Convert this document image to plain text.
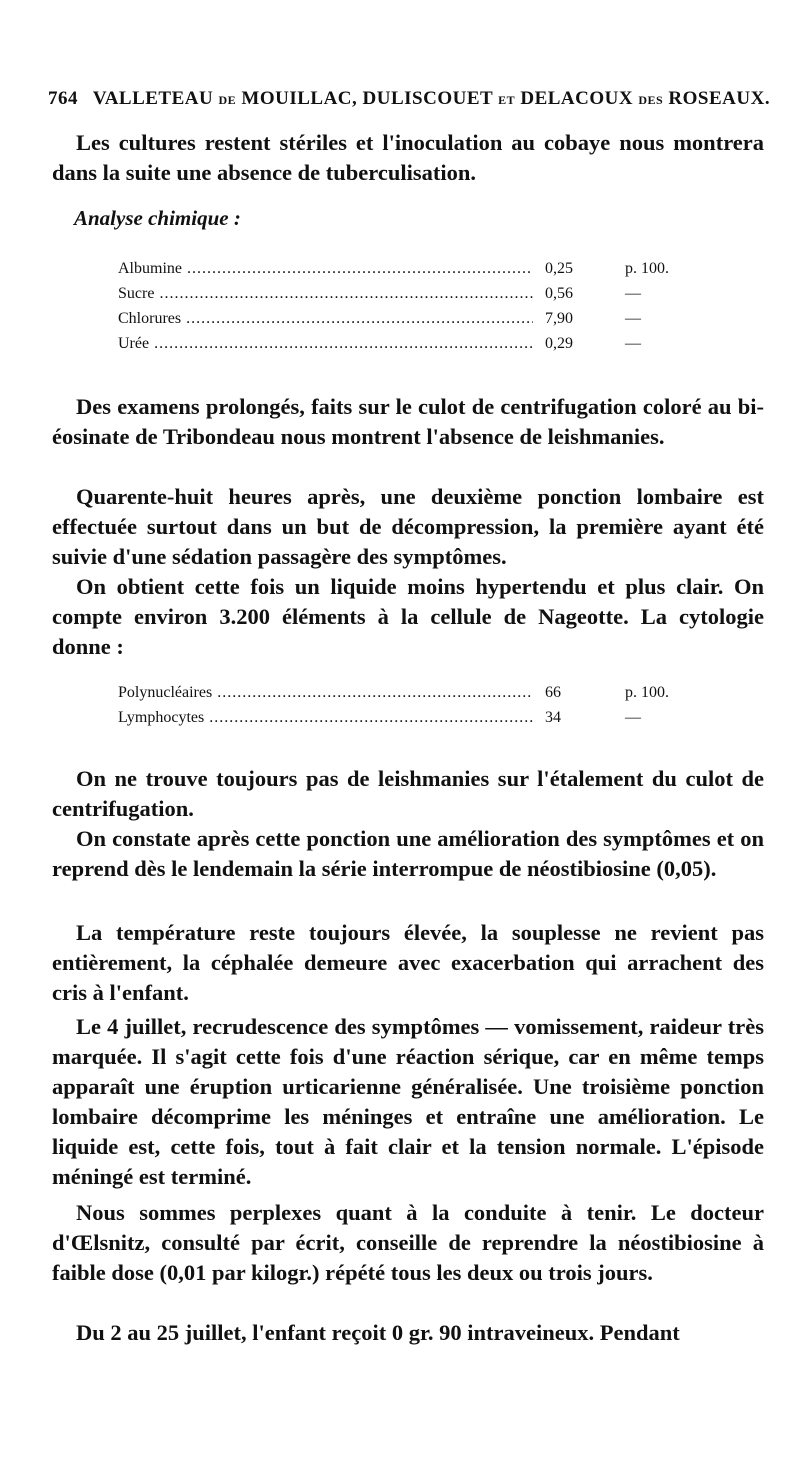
764 VALLETEAU DE MOUILLAC, DULISCOUET ET DELACOUX DES ROSEAUX.

Les cultures restent stériles et l'inoculation au cobaye nous montrera dans la suite une absence de tuberculisation.

Analyse chimique :

Albumine .....	0,25	p. 100.
Sucre .....	0,56	—
Chlorures .....	7,90	—
Urée .....	0,29	—

Des examens prolongés, faits sur le culot de centrifugation coloré au bi-éosinate de Tribondeau nous montrent l'absence de leishmanies.

Quarente-huit heures après, une deuxième ponction lombaire est effectuée surtout dans un but de décompression, la première ayant été suivie d'une sédation passagère des symptômes.

On obtient cette fois un liquide moins hypertendu et plus clair. On compte environ 3.200 éléments à la cellule de Nageotte. La cytologie donne :

Polynucléaires .....	66	p. 100.
Lymphocytes .....	34	—

On ne trouve toujours pas de leishmanies sur l'étalement du culot de centrifugation.

On constate après cette ponction une amélioration des symptômes et on reprend dès le lendemain la série interrompue de néostibiosine (0,05).

La température reste toujours élevée, la souplesse ne revient pas entièrement, la céphalée demeure avec exacerbation qui arrachent des cris à l'enfant.

Le 4 juillet, recrudescence des symptômes — vomissement, raideur très marquée. Il s'agit cette fois d'une réaction sérique, car en même temps apparaît une éruption urticarienne généralisée. Une troisième ponction lombaire décomprime les méninges et entraîne une amélioration. Le liquide est, cette fois, tout à fait clair et la tension normale. L'épisode méningé est terminé.

Nous sommes perplexes quant à la conduite à tenir. Le docteur d'Œlsnitz, consulté par écrit, conseille de reprendre la néostibiosine à faible dose (0,01 par kilogr.) répété tous les deux ou trois jours.

Du 2 au 25 juillet, l'enfant reçoit 0 gr. 90 intraveineux. Pendant
